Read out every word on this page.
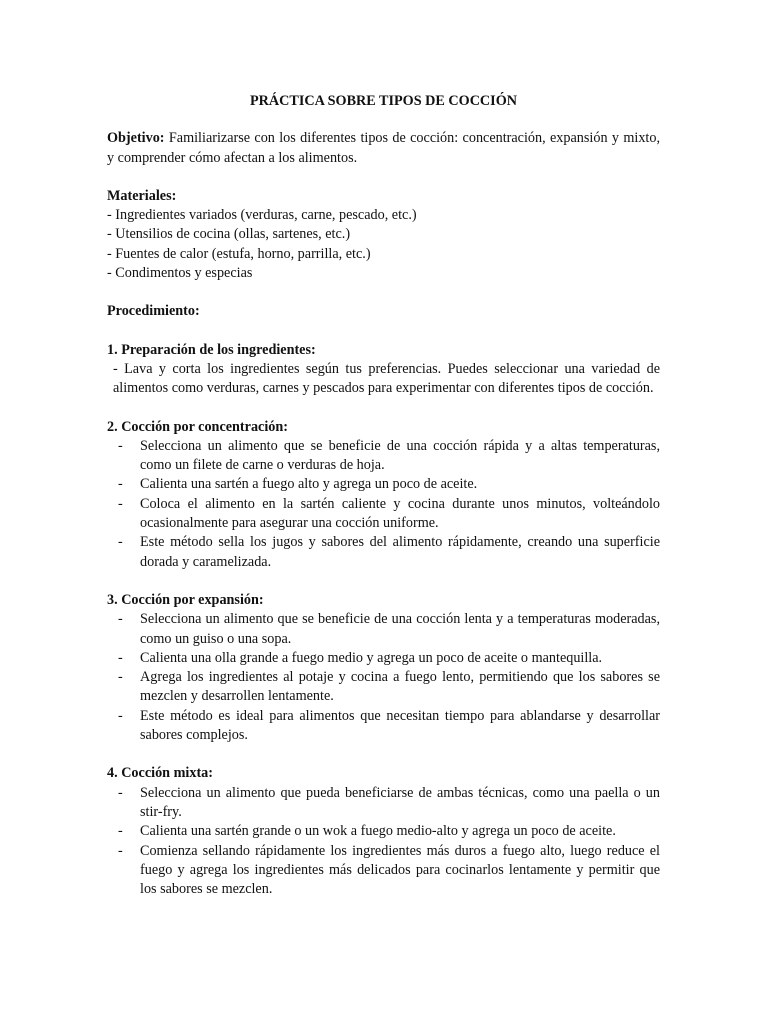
PRÁCTICA SOBRE TIPOS DE COCCIÓN

Objetivo: Familiarizarse con los diferentes tipos de cocción: concentración, expansión y mixto, y comprender cómo afectan a los alimentos.

Materiales:
- Ingredientes variados (verduras, carne, pescado, etc.)
- Utensilios de cocina (ollas, sartenes, etc.)
- Fuentes de calor (estufa, horno, parrilla, etc.)
- Condimentos y especias
Procedimiento:
1. Preparación de los ingredientes:

- Lava y corta los ingredientes según tus preferencias. Puedes seleccionar una variedad de alimentos como verduras, carnes y pescados para experimentar con diferentes tipos de cocción.

2. Cocción por concentración:
- Selecciona un alimento que se beneficie de una cocción rápida y a altas temperaturas, como un filete de carne o verduras de hoja.
- Calienta una sartén a fuego alto y agrega un poco de aceite.
- Coloca el alimento en la sartén caliente y cocina durante unos minutos, volteándolo ocasionalmente para asegurar una cocción uniforme.
- Este método sella los jugos y sabores del alimento rápidamente, creando una superficie dorada y caramelizada.
3. Cocción por expansión:
- Selecciona un alimento que se beneficie de una cocción lenta y a temperaturas moderadas, como un guiso o una sopa.
- Calienta una olla grande a fuego medio y agrega un poco de aceite o mantequilla.
- Agrega los ingredientes al potaje y cocina a fuego lento, permitiendo que los sabores se mezclen y desarrollen lentamente.
- Este método es ideal para alimentos que necesitan tiempo para ablandarse y desarrollar sabores complejos.
4. Cocción mixta:
- Selecciona un alimento que pueda beneficiarse de ambas técnicas, como una paella o un stir-fry.
- Calienta una sartén grande o un wok a fuego medio-alto y agrega un poco de aceite.
- Comienza sellando rápidamente los ingredientes más duros a fuego alto, luego reduce el fuego y agrega los ingredientes más delicados para cocinarlos lentamente y permitir que los sabores se mezclen.
